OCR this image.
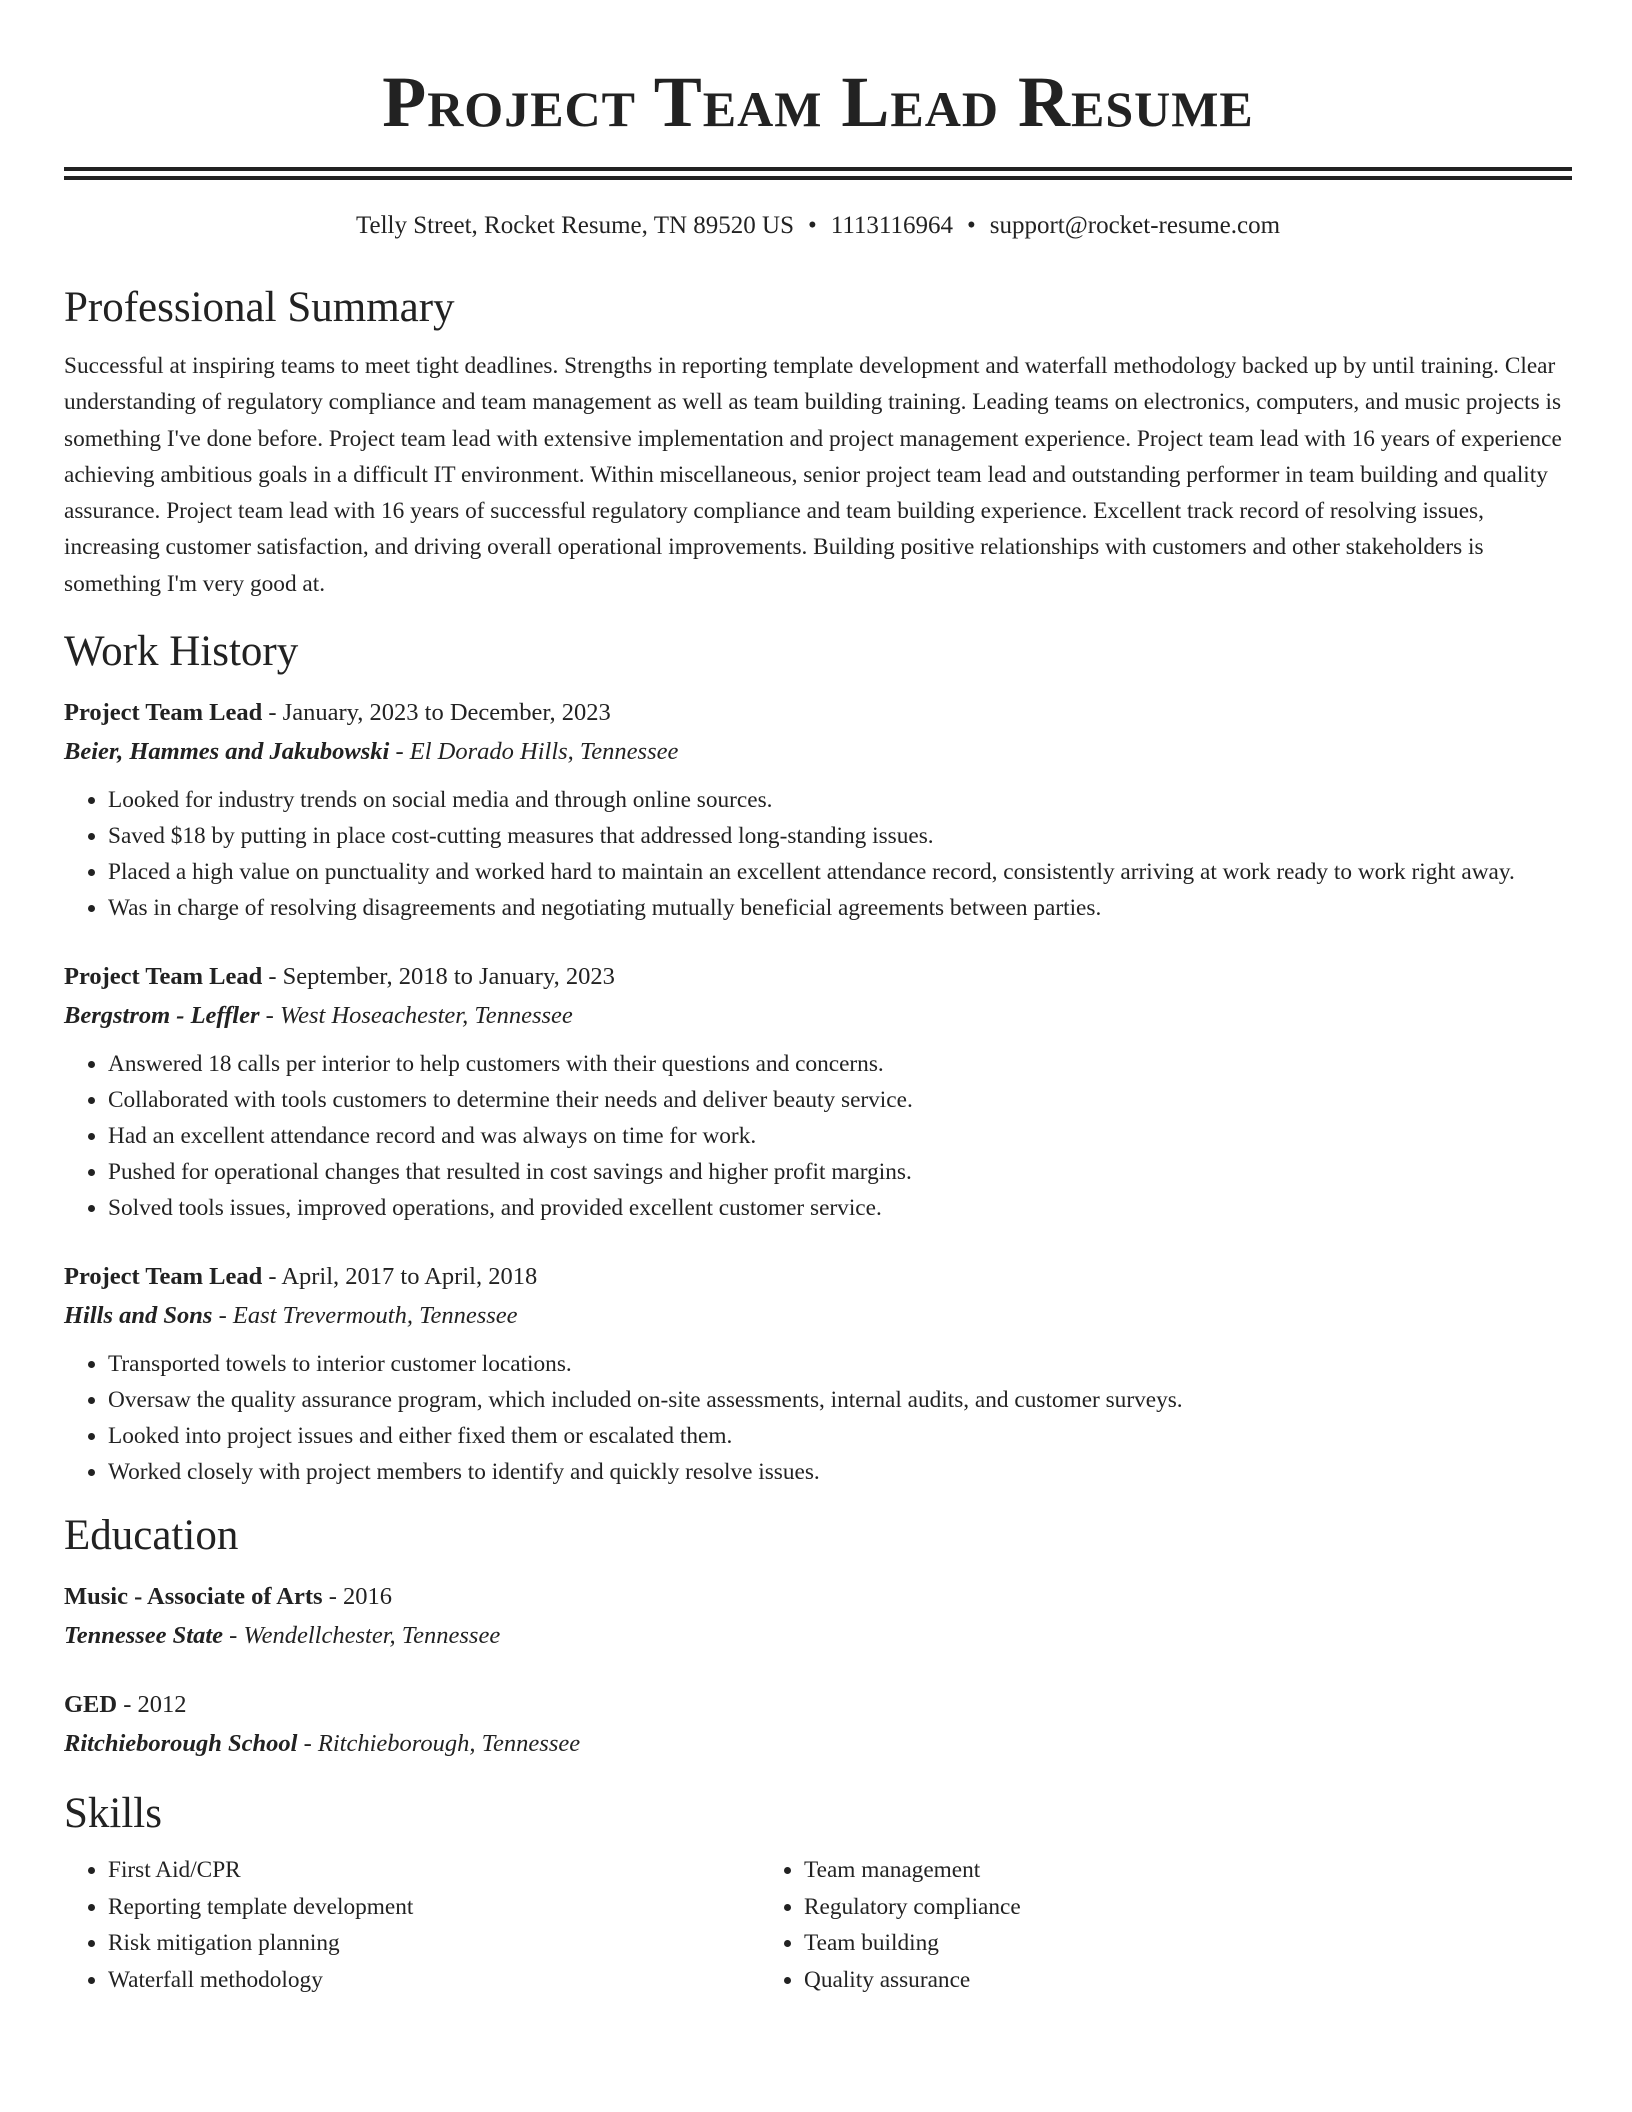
Project Team Lead Resume
Telly Street, Rocket Resume, TN 89520 US • 1113116964 • support@rocket-resume.com
Professional Summary
Successful at inspiring teams to meet tight deadlines. Strengths in reporting template development and waterfall methodology backed up by until training. Clear understanding of regulatory compliance and team management as well as team building training. Leading teams on electronics, computers, and music projects is something I've done before. Project team lead with extensive implementation and project management experience. Project team lead with 16 years of experience achieving ambitious goals in a difficult IT environment. Within miscellaneous, senior project team lead and outstanding performer in team building and quality assurance. Project team lead with 16 years of successful regulatory compliance and team building experience. Excellent track record of resolving issues, increasing customer satisfaction, and driving overall operational improvements. Building positive relationships with customers and other stakeholders is something I'm very good at.
Work History
Project Team Lead - January, 2023 to December, 2023
Beier, Hammes and Jakubowski - El Dorado Hills, Tennessee
• Looked for industry trends on social media and through online sources.
• Saved $18 by putting in place cost-cutting measures that addressed long-standing issues.
• Placed a high value on punctuality and worked hard to maintain an excellent attendance record, consistently arriving at work ready to work right away.
• Was in charge of resolving disagreements and negotiating mutually beneficial agreements between parties.
Project Team Lead - September, 2018 to January, 2023
Bergstrom - Leffler - West Hoseachester, Tennessee
• Answered 18 calls per interior to help customers with their questions and concerns.
• Collaborated with tools customers to determine their needs and deliver beauty service.
• Had an excellent attendance record and was always on time for work.
• Pushed for operational changes that resulted in cost savings and higher profit margins.
• Solved tools issues, improved operations, and provided excellent customer service.
Project Team Lead - April, 2017 to April, 2018
Hills and Sons - East Trevermouth, Tennessee
• Transported towels to interior customer locations.
• Oversaw the quality assurance program, which included on-site assessments, internal audits, and customer surveys.
• Looked into project issues and either fixed them or escalated them.
• Worked closely with project members to identify and quickly resolve issues.
Education
Music - Associate of Arts - 2016
Tennessee State - Wendellchester, Tennessee
GED - 2012
Ritchieborough School - Ritchieborough, Tennessee
Skills
• First Aid/CPR
• Reporting template development
• Risk mitigation planning
• Waterfall methodology
• Team management
• Regulatory compliance
• Team building
• Quality assurance
